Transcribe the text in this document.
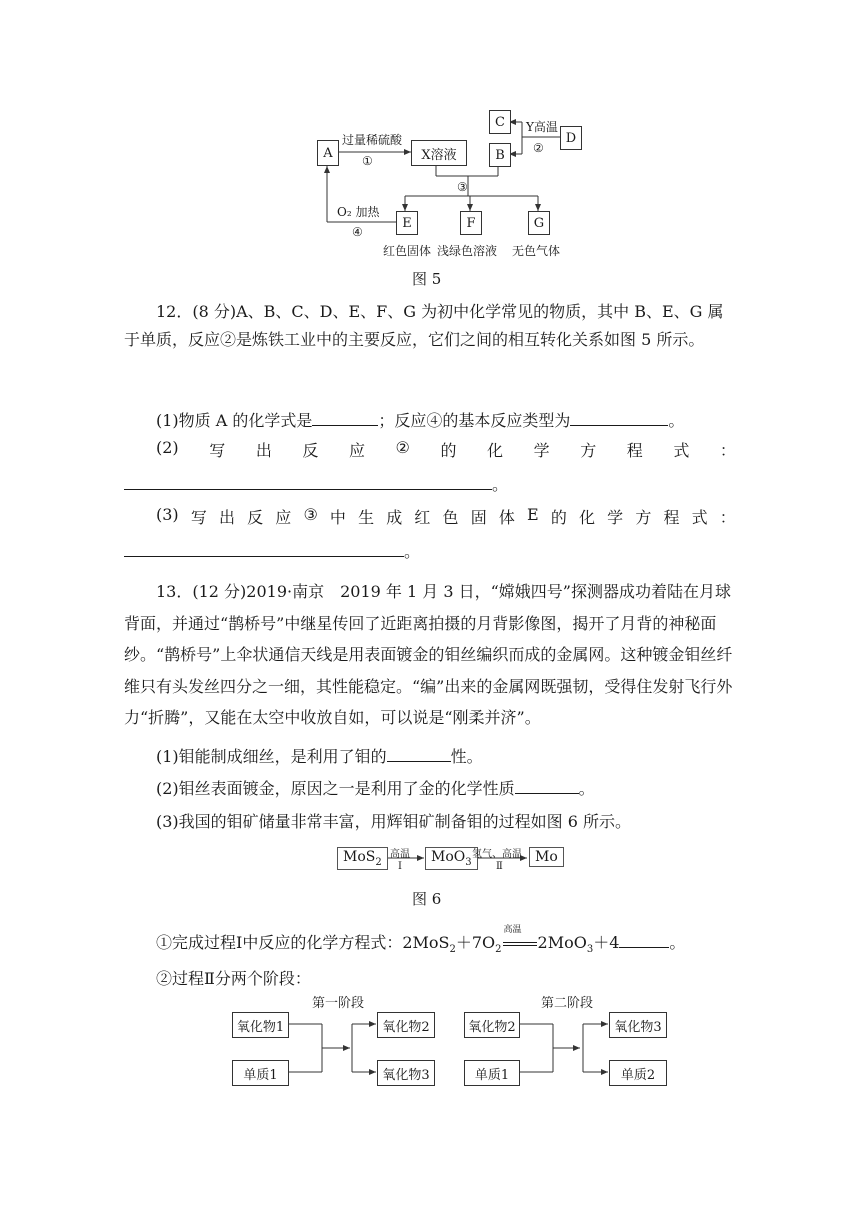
A	X溶液
C
B
D
E	F	G
过量稀硫酸
①
Y高温
②
③
O₂ 加热
④
红色固体 浅绿色溶液 无色气体
图 5
12．(8 分)A、B、C、D、E、F、G 为初中化学常见的物质，其中 B、E、G 属于单质，反应②是炼铁工业中的主要反应，它们之间的相互转化关系如图 5 所示。
(1)物质 A 的化学式是	；反应④的基本反应类型为	。
(2) 写 出 反 应 ② 的 化 学 方 程 式 ：
。
(3) 写 出 反 应 ③ 中 生 成 红 色 固 体 E 的 化 学 方 程 式 ：
。
13．(12 分)2019·南京　2019 年 1 月 3 日，“嫦娥四号”探测器成功着陆在月球背面，并通过“鹊桥号”中继星传回了近距离拍摄的月背影像图，揭开了月背的神秘面纱。“鹊桥号”上伞状通信天线是用表面镀金的钼丝编织而成的金属网。这种镀金钼丝纤维只有头发丝四分之一细，其性能稳定。“编”出来的金属网既强韧，受得住发射飞行外力“折腾”，又能在太空中收放自如，可以说是“刚柔并济”。
(1)钼能制成细丝，是利用了钼的	性。
(2)钼丝表面镀金，原因之一是利用了金的化学性质	。
(3)我国的钼矿储量非常丰富，用辉钼矿制备钼的过程如图 6 所示。
MoS$_2$	MoO$_3$	Mo
高温
Ⅰ
氢气、高温
Ⅱ
图 6
①完成过程Ⅰ中反应的化学方程式：$2MoS_2+7O_2$
高温
2MoO$_3$＋4	。
②过程Ⅱ分两个阶段：
第一阶段
氧化物1
单质1
氧化物2
氧化物3
第二阶段
氧化物2
单质1
氧化物3
单质2
